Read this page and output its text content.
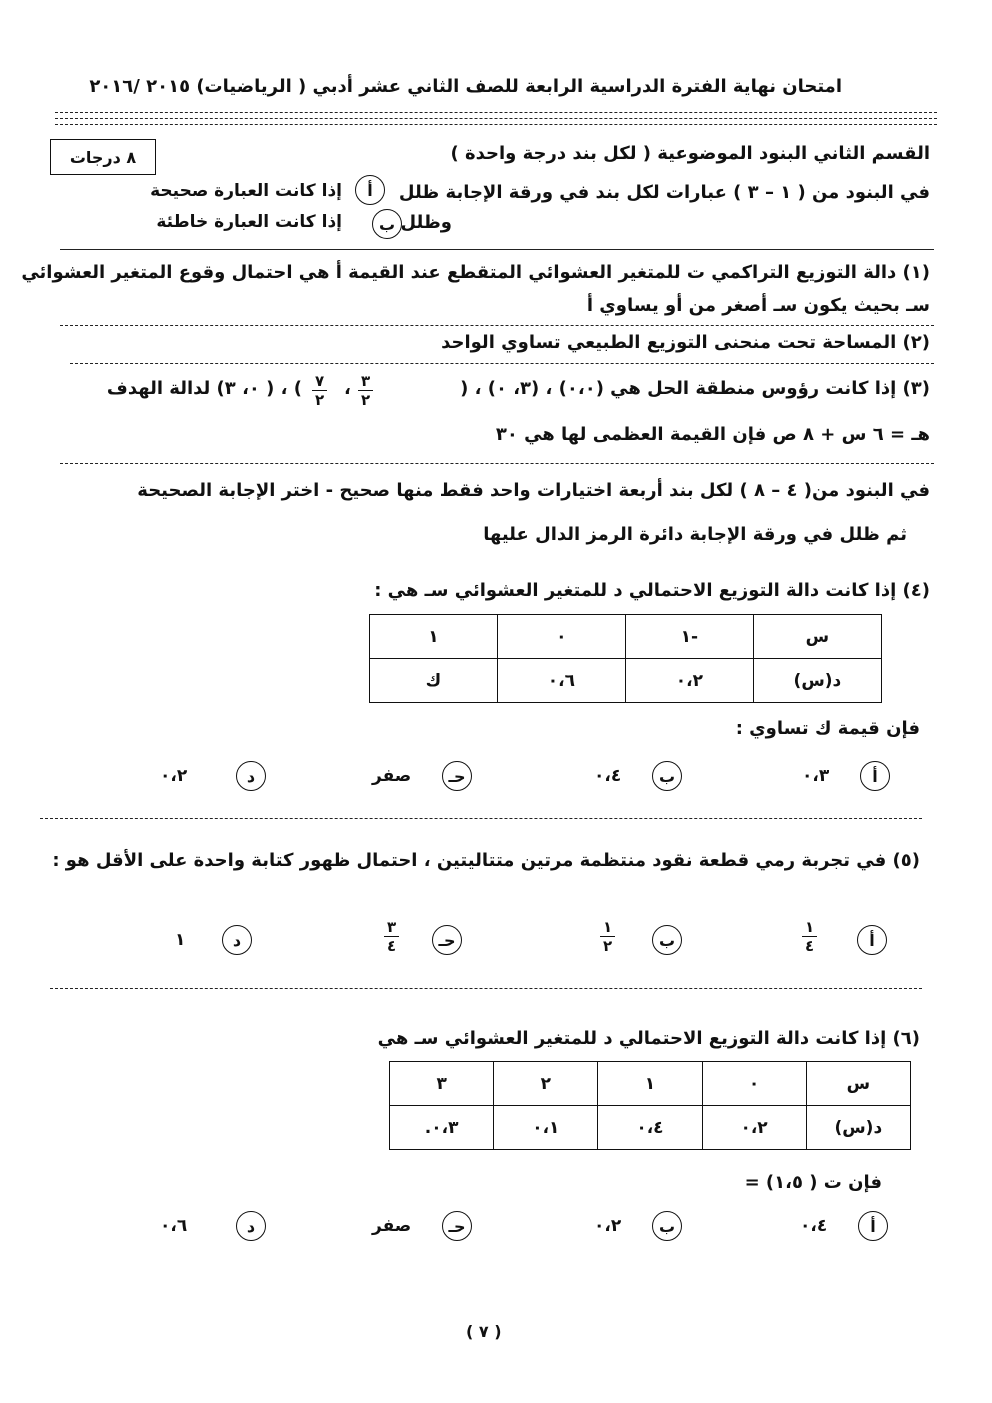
امتحان نهاية الفترة الدراسية الرابعة للصف الثاني عشر أدبي ( الرياضيات) ٢٠١٥ /٢٠١٦
القسم الثاني البنود الموضوعية ( لكل بند درجة واحدة )
٨ درجات
في البنود من ( ١ – ٣ ) عبارات لكل بند في ورقة الإجابة ظلل
أ
إذا كانت العبارة صحيحة
وظلل
ب
إذا كانت العبارة خاطئة
(١) دالة التوزيع التراكمي ت للمتغير العشوائي المتقطع عند القيمة أ هي احتمال وقوع المتغير العشوائي
سـ بحيث يكون سـ أصغر من أو يساوي أ
(٢) المساحة تحت منحنى التوزيع الطبيعي تساوي الواحد
(٣) إذا كانت رؤوس منطقة الحل هي (٠،٠) ، (٣، ٠) ، (
٣
٢
،
٧
٢
) ، ( ٠، ٣) لدالة الهدف
هـ = ٦ س + ٨ ص فإن القيمة العظمى لها هي ٣٠
في البنود من( ٤ – ٨ ) لكل بند أربعة اختيارات واحد فقط منها صحيح - اختر الإجابة الصحيحة
ثم ظلل في ورقة الإجابة دائرة الرمز الدال عليها
(٤) إذا كانت دالة التوزيع الاحتمالي د للمتغير العشوائي سـ هي :
س	-١	٠	١
د(س)	٠،٢	٠،٦	ك
فإن قيمة ك تساوي :
أ
٠،٣
ب
٠،٤
حـ
صفر
د
٠،٢
(٥) في تجربة رمي قطعة نقود منتظمة مرتين متتاليتين ، احتمال ظهور كتابة واحدة على الأقل هو :
أ
١
٤
ب
١
٢
حـ
٣
٤
د
١
(٦) إذا كانت دالة التوزيع الاحتمالي د للمتغير العشوائي سـ هي
س	٠	١	٢	٣
د(س)	٠،٢	٠،٤	٠،١	٠،٣.
فإن ت ( ١،٥) =
أ
٠،٤
ب
٠،٢
حـ
صفر
د
٠،٦
( ٧ )
